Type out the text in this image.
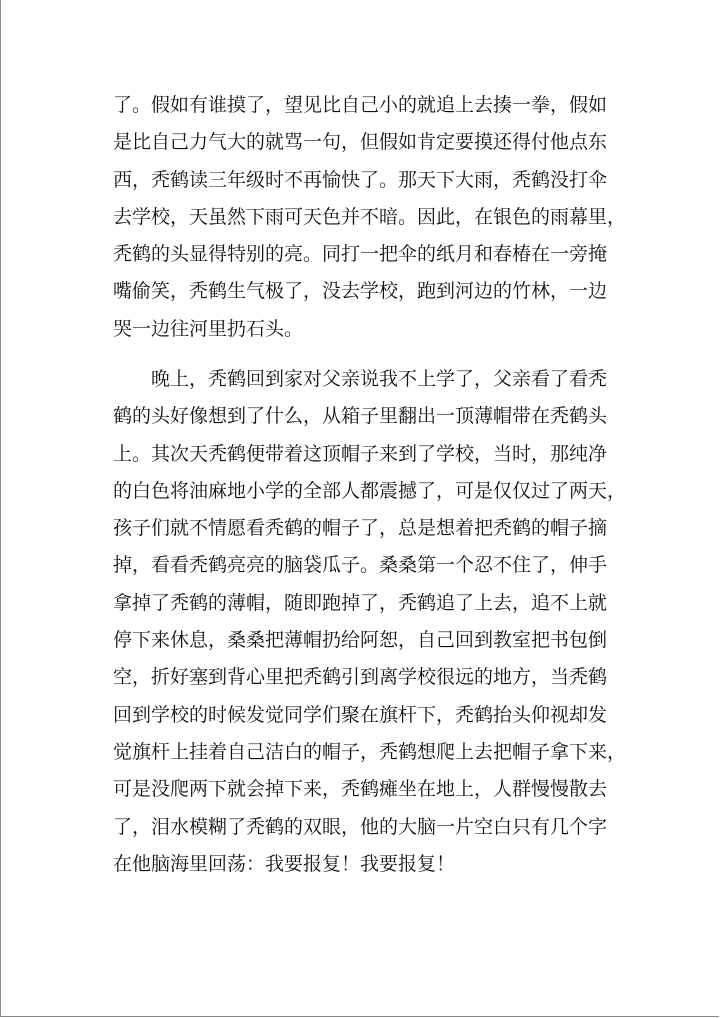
了。假如有谁摸了，望见比自己小的就追上去揍一拳，假如
是比自己力气大的就骂一句，但假如肯定要摸还得付他点东
西，秃鹤读三年级时不再愉快了。那天下大雨，秃鹤没打伞
去学校，天虽然下雨可天色并不暗。因此，在银色的雨幕里，
秃鹤的头显得特别的亮。同打一把伞的纸月和春椿在一旁掩
嘴偷笑，秃鹤生气极了，没去学校，跑到河边的竹林，一边
哭一边往河里扔石头。
晚上，秃鹤回到家对父亲说我不上学了，父亲看了看秃
鹤的头好像想到了什么，从箱子里翻出一顶薄帽带在秃鹤头
上。其次天秃鹤便带着这顶帽子来到了学校，当时，那纯净
的白色将油麻地小学的全部人都震撼了，可是仅仅过了两天，
孩子们就不情愿看秃鹤的帽子了，总是想着把秃鹤的帽子摘
掉，看看秃鹤亮亮的脑袋瓜子。桑桑第一个忍不住了，伸手
拿掉了秃鹤的薄帽，随即跑掉了，秃鹤追了上去，追不上就
停下来休息，桑桑把薄帽扔给阿恕，自己回到教室把书包倒
空，折好塞到背心里把秃鹤引到离学校很远的地方，当秃鹤
回到学校的时候发觉同学们聚在旗杆下，秃鹤抬头仰视却发
觉旗杆上挂着自己洁白的帽子，秃鹤想爬上去把帽子拿下来，
可是没爬两下就会掉下来，秃鹤瘫坐在地上，人群慢慢散去
了，泪水模糊了秃鹤的双眼，他的大脑一片空白只有几个字
在他脑海里回荡：我要报复！我要报复！
